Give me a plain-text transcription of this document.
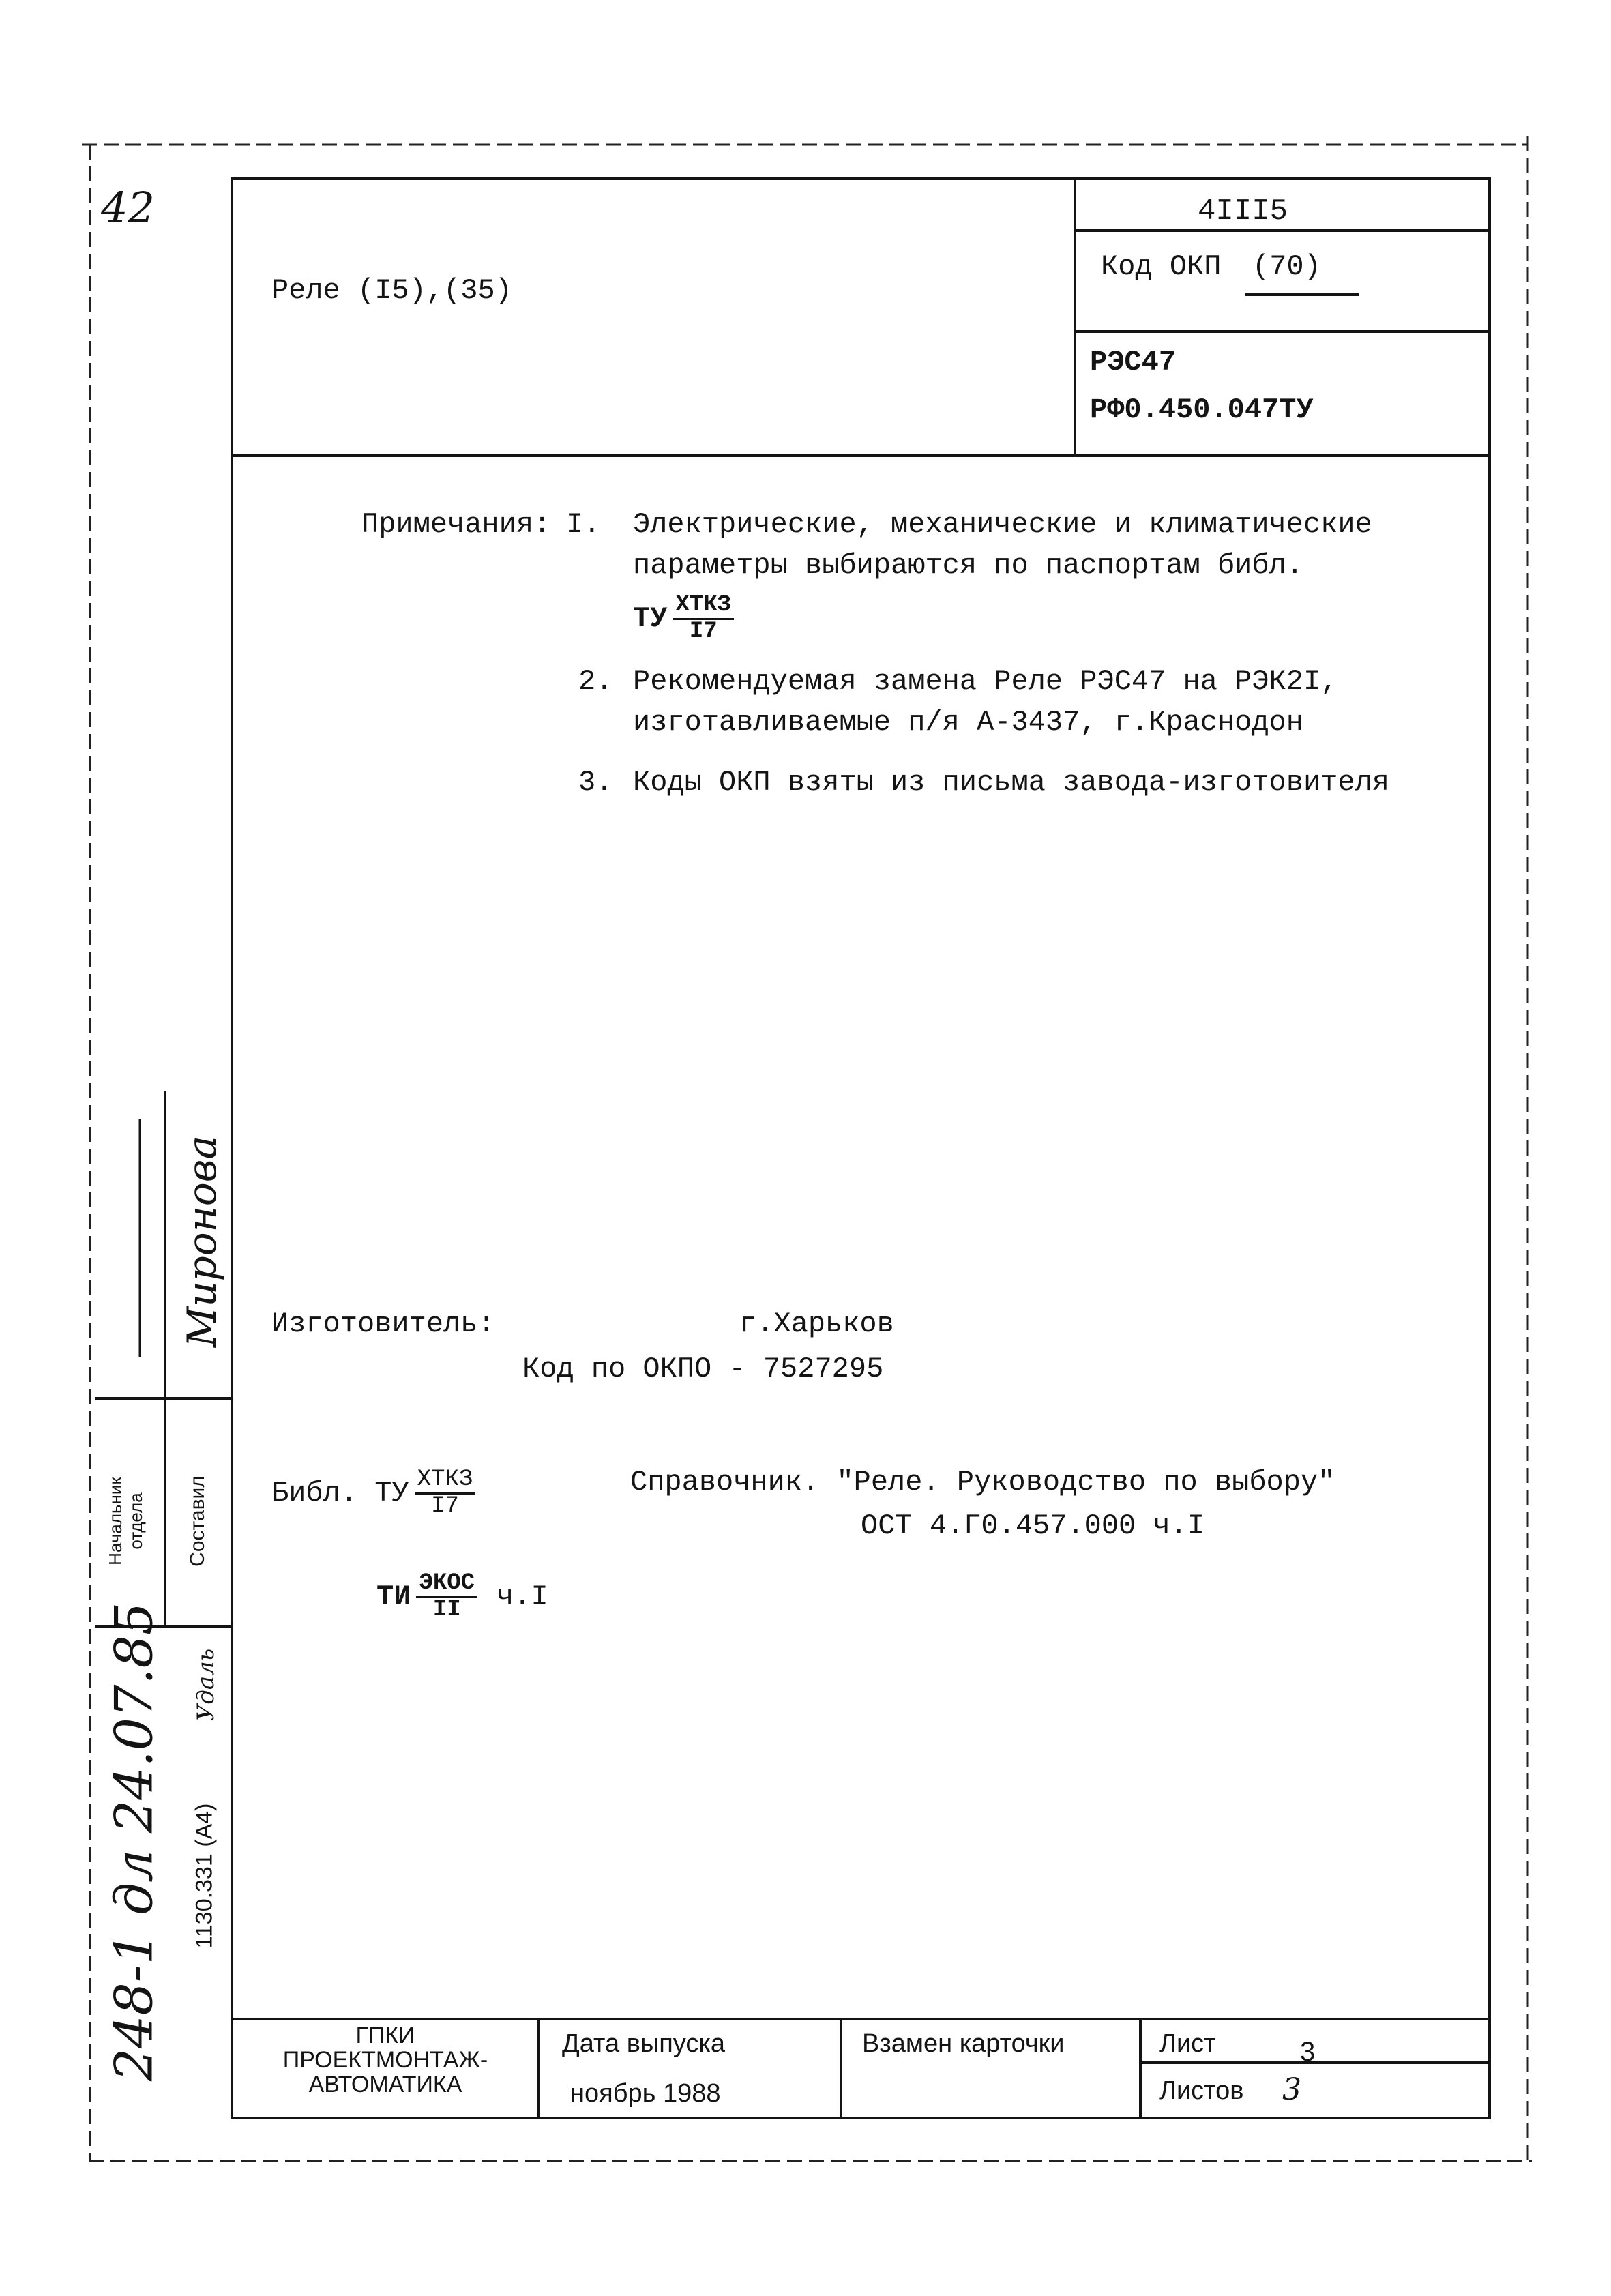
42
Реле (I5),(35)
4III5
Код ОКП (70)
РЭС47
РФ0.450.047ТУ
Примечания: I. Электрические, механические и климатические
параметры выбираются по паспортам библ.
ТУ $\frac{\text{ХТКЗ}}{I7}$
2. Рекомендуемая замена Реле РЭС47 на РЭК2I,
изготавливаемые п/я А-3437, г.Краснодон
3. Коды ОКП взяты из письма завода-изготовителя
Изготовитель:	г.Харьков
Код по ОКПО - 7527295
Библ. ТУ $\frac{\text{ХТКЗ}}{I7}$	Справочник. "Реле. Руководство по выбору"
ОСТ 4.Г0.457.000 ч.I
ТИ $\frac{\text{ЭКОС}}{II} ч.I$
Начальник отдела Составил
Миронова
1130.331 (A4)
248-1 дл 24.07.85 Удаль
ГПКИ
ПРОЕКТМОНТАЖ-
АВТОМАТИКА
Дата выпуска
ноябрь 1988
Взамен карточки	Лист	3
Листов 3
